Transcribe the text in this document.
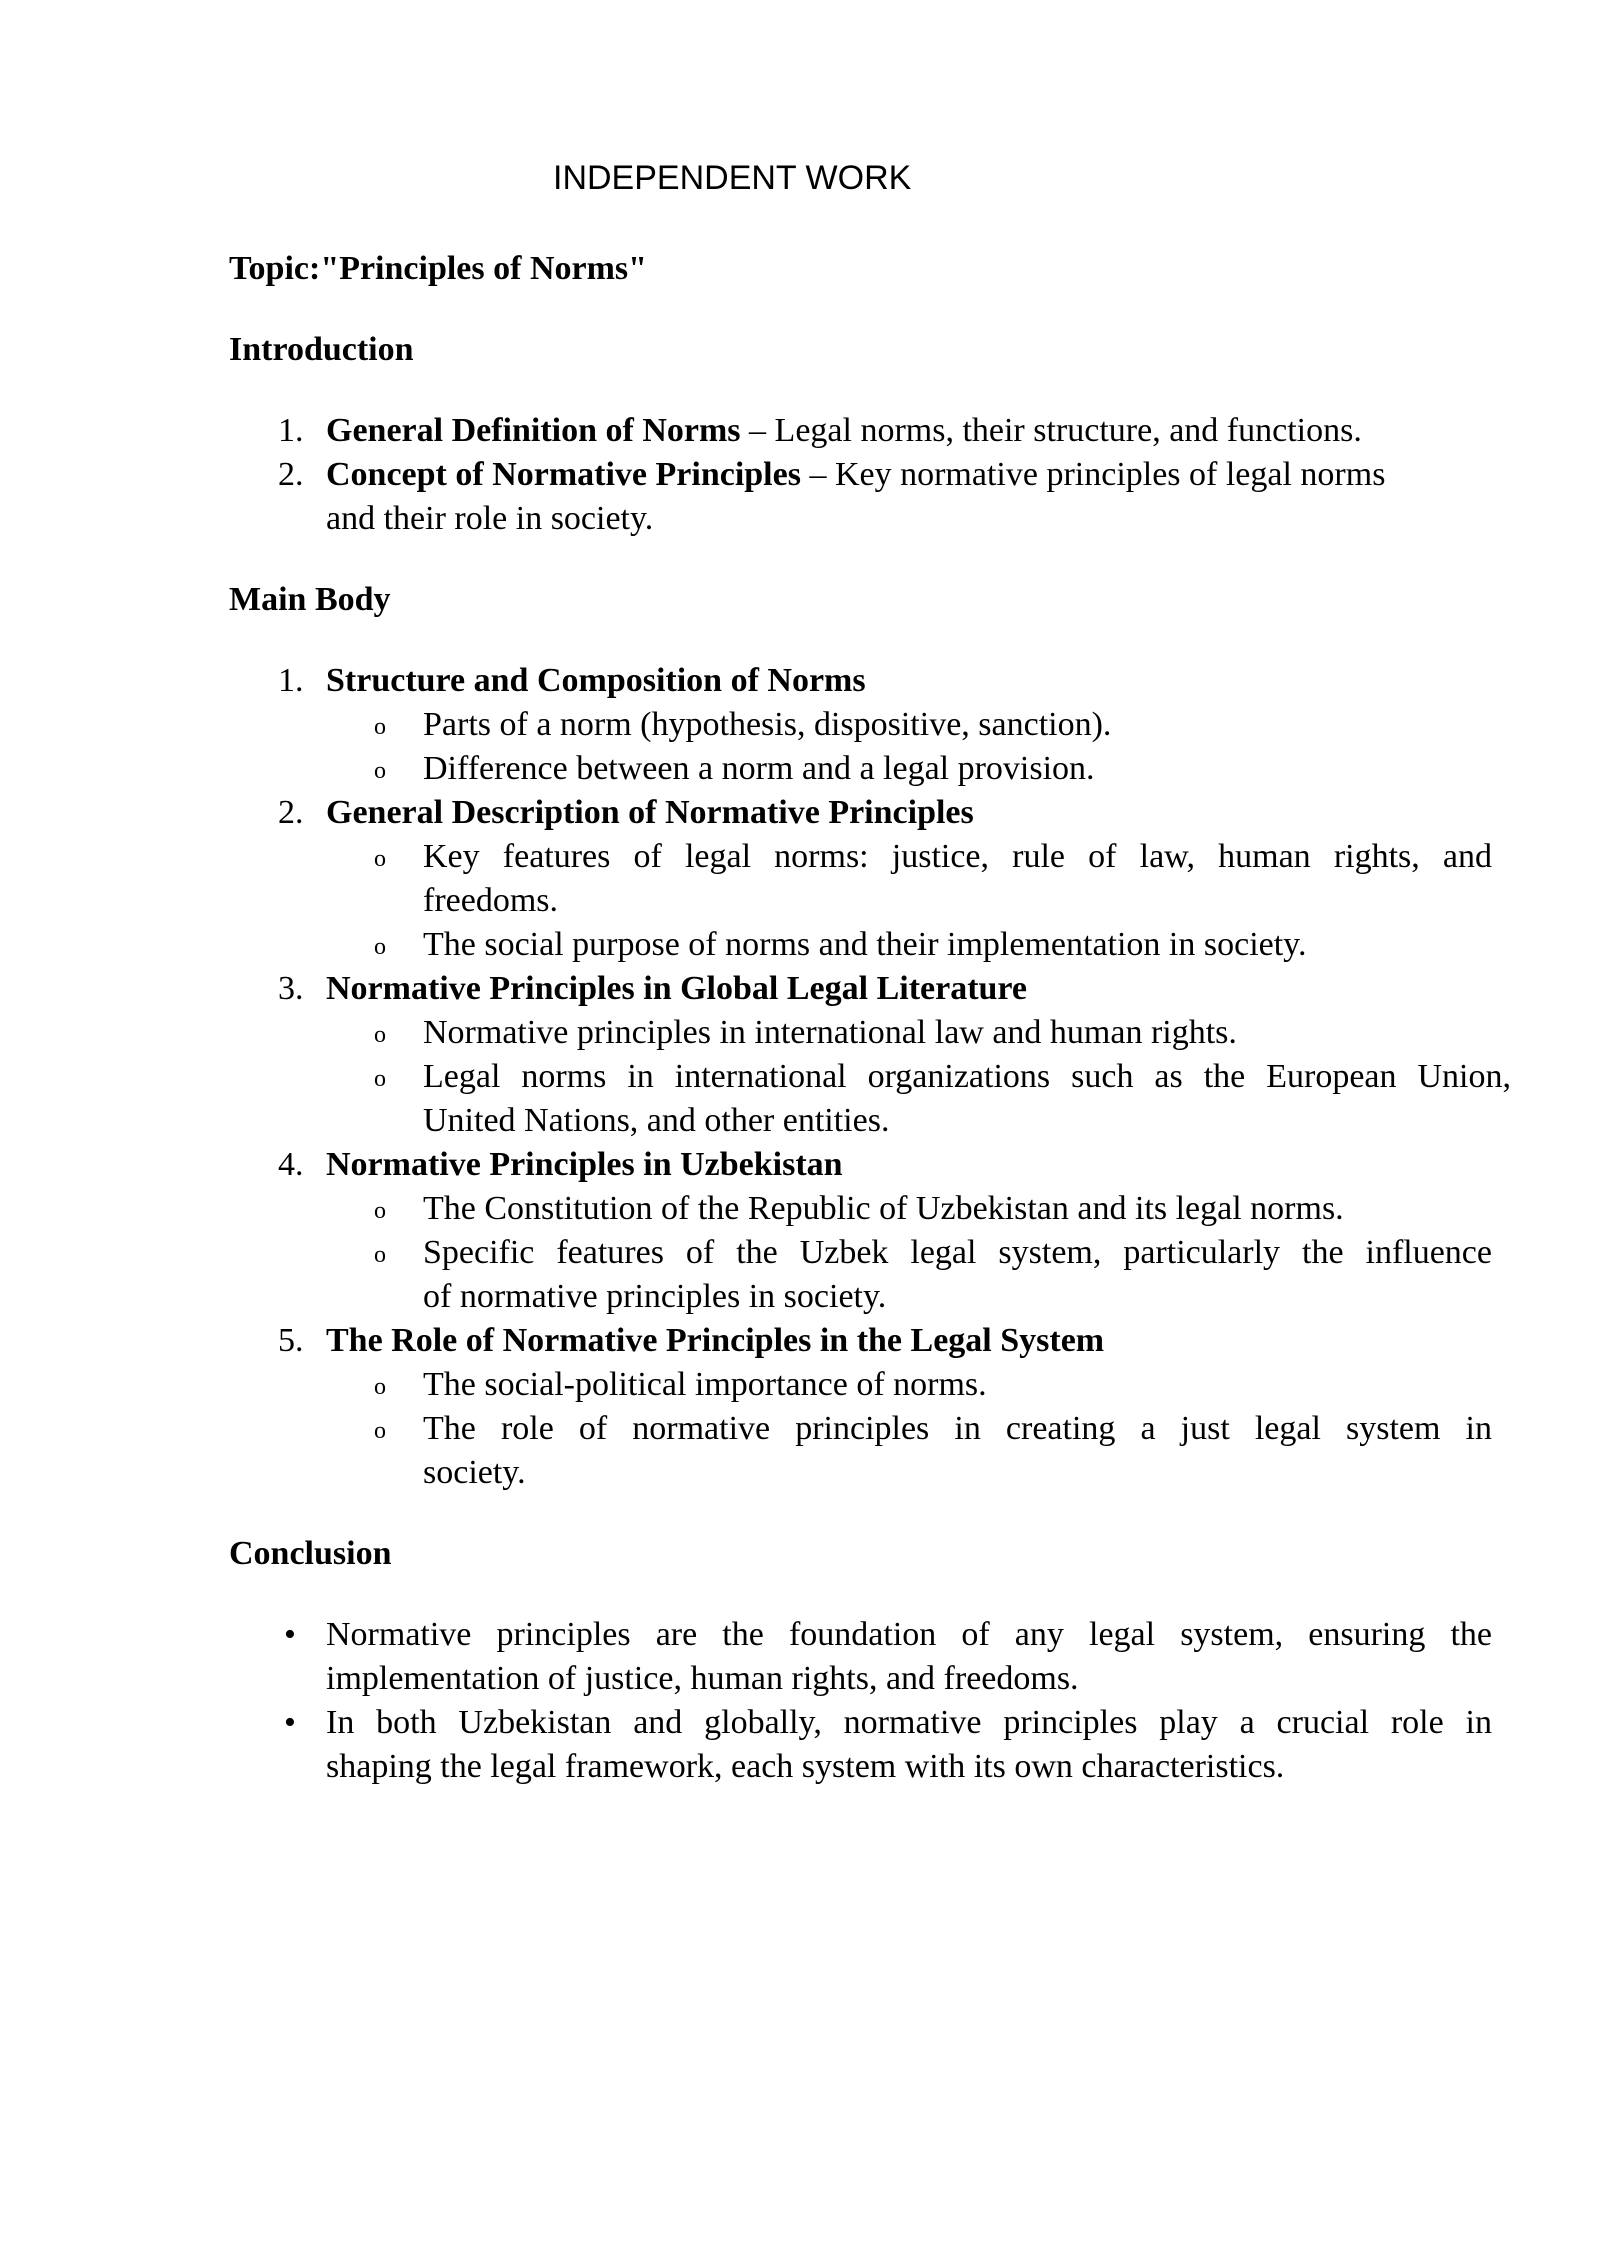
INDEPENDENT WORK
Topic:"Principles of Norms"
Introduction
1. General Definition of Norms – Legal norms, their structure, and functions.
2. Concept of Normative Principles – Key normative principles of legal norms
and their role in society.
Main Body
1. Structure and Composition of Norms
o Parts of a norm (hypothesis, dispositive, sanction).
o Difference between a norm and a legal provision.
2. General Description of Normative Principles
o Key features of legal norms: justice, rule of law, human rights, and
freedoms.
o The social purpose of norms and their implementation in society.
3. Normative Principles in Global Legal Literature
o Normative principles in international law and human rights.
o Legal norms in international organizations such as the European Union,
United Nations, and other entities.
4. Normative Principles in Uzbekistan
o The Constitution of the Republic of Uzbekistan and its legal norms.
o Specific features of the Uzbek legal system, particularly the influence
of normative principles in society.
5. The Role of Normative Principles in the Legal System
o The social-political importance of norms.
o The role of normative principles in creating a just legal system in
society.
Conclusion
• Normative principles are the foundation of any legal system, ensuring the
implementation of justice, human rights, and freedoms.
• In both Uzbekistan and globally, normative principles play a crucial role in
shaping the legal framework, each system with its own characteristics.
